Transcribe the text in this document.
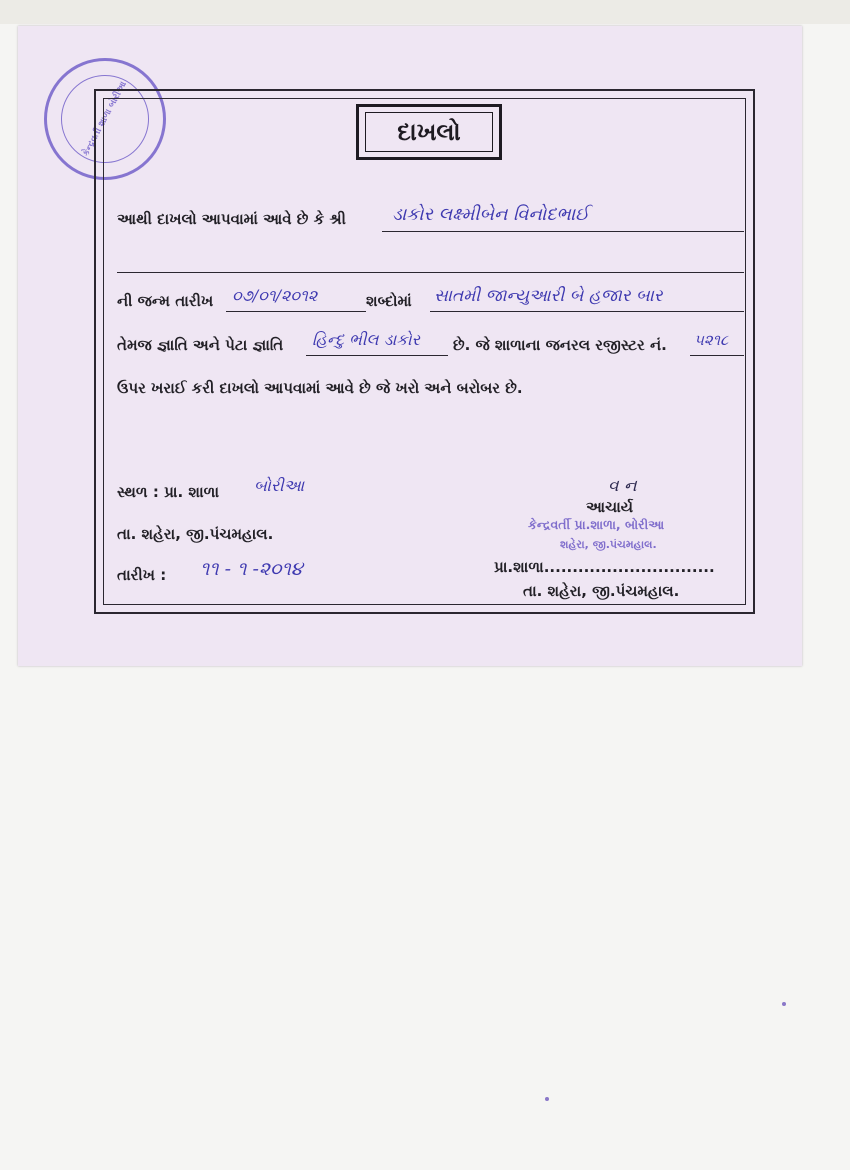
કેન્દ્રવર્તી શાળા બોરીઆ	દાખલો
આથી દાખલો આપવામાં આવે છે કે શ્રી	ડાકોર લક્ષ્મીબેન વિનોદભાઈ
ની જન્મ તારીખ ૦૭/૦૧/૨૦૧૨	શબ્દોમાં સાતમી જાન્યુઆરી બે હજાર બાર
તેમજ જ્ઞાતિ અને પેટા જ્ઞાતિ હિન્દુ ભીલ ડાકોર છે. જે શાળાના જનરલ રજીસ્ટર નં. ૫૨૧૮
ઉપર ખરાઈ કરી દાખલો આપવામાં આવે છે જે ખરો અને બરોબર છે.
સ્થળ : પ્રા. શાળા બોરીઆ
તા. શહેરા, જી.પંચમહાલ.
તારીખ : ૧૧ - ૧ -૨૦૧૪
વ ન
કેન્દ્રવર્તી પ્રા.શાળા, બોરીઆ
શહેરા, જી.પંચમહાલ.
આચાર્ય
પ્રા.શાળા..............................
તા. શહેરા, જી.પંચમહાલ.
